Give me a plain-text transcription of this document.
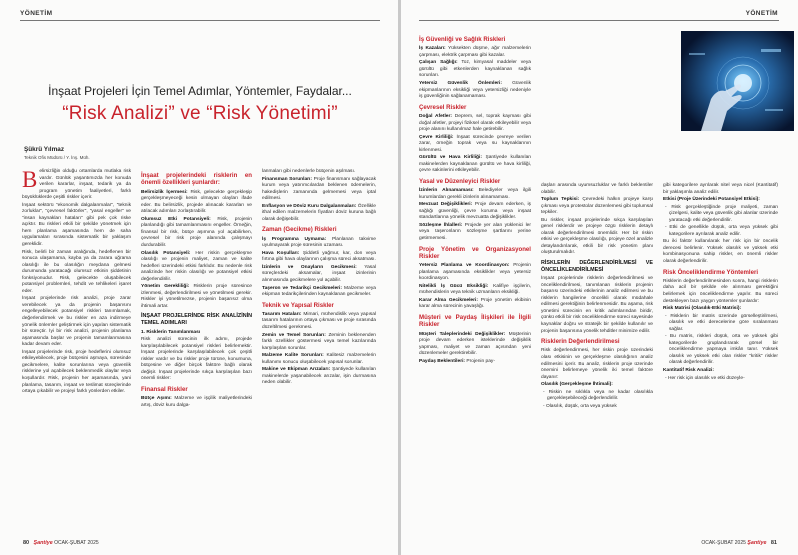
YÖNETİM
İnşaat Projeleri İçin Temel Adımlar, Yöntemler, Faydalar...
“Risk Analizi” ve “Risk Yönetimi”
Şükrü Yılmaz
Teknik Ofis Müdürü / Y. İnş. Müh.

Belirsizliğin olduğu ortamlarda mutlaka risk vardır. Günlük yaşantımızda her konuda verilen kararlar, inşaat, tedarik ya da program yönetim faaliyetleri, farklı büyüklüklerde çeşitli riskler içerir.

İnşaat sektörü “ekonomik dalgalanmalar”, “teknik zorluklar”, “çevresel faktörler”, “yasal engeller” ve “insan kaynakları hataları” gibi pek çok riske açıktır. Bu riskleri etkili bir şekilde yönetmek için hem planlama aşamasında hem de saha uygulamaları sırasında sistematik bir yaklaşım gereklidir.

Risk, belirli bir zaman aralığında, hedeflenen bir sonuca ulaşamama, kayba ya da zarara uğrama olasılığı ile bu olasılığın meydana gelmesi durumunda yaratacağı olumsuz etkinin şiddetinin fonksiyonudur. Risk, gelecekte oluşabilecek potansiyel problemleri, tehdit ve tehlikeleri işaret eder.

İnşaat projelerinde risk analizi, proje zarar verebilecek ya da projenin başarısını engelleyebilecek potansiyel riskleri tanımlamak, değerlendirmek ve bu riskler en aza indirmeye yönelik önlemler geliştirmek için yapılan sistematik bir süreçtir. İyi bir risk analizi, projenin planlama aşamasında başlar ve projenin tamamlanmasına kadar devam eder.

İnşaat projelerinde risk, proje hedeflerini olumsuz etkileyebilecek, proje bütçesini aşmaya, süresinde gecikmelere, kalite sorunlarına veya güvenlik risklerine yol açabilecek beklenmedik olaylar veya koşullardır. Risk, projenin her aşamasında, yani planlama, tasarım, inşaat ve teslimat süreçlerinde ortaya çıkabilir ve projeyi farklı yönlerden etkiler.

İnşaat projelerindeki risklerin en önemli özellikleri şunlardır:

Belirsizlik İçermesi: Risk, gelecekte gerçekleşip gerçekleşmeyeceği kesin olmayan olayları ifade eder. Bu belirsizlik, projede alınacak kararları ve atılacak adımları zorlaştırabilir.

Olumsuz Etki Potansiyeli: Risk, projenin planlandığı gibi tamamlanmasını engeller. Örneğin, finansal bir risk, bütçe aşımına yol açabilirken, çevresel bir risk proje alanında çalışmayı durdurabilir.

Olasılık Potansiyeli: Her riskin gerçekleşme olasılığı ve projenin maliyet, zaman ve kalite hedefleri üzerindeki etkisi farklıdır. Bu nedenle risk analizinde her riskin olasılığı ve potansiyel etkisi değerlendirilir.

Yönetim Gerekliliği: Risklerin proje süresince izlenmesi, değerlendirilmesi ve yönetilmesi gerekir. Riskler iyi yönetilmezse, projenin başarısız olma ihtimali artar.

İNŞAAT PROJELERİNDE RİSK ANALİZİNİN TEMEL ADIMLARI

1. Risklerin Tanımlanması

Risk analizi sürecinin ilk adımı, projede karşılaşılabilecek potansiyel riskleri belirlemektir. İnşaat projelerinde karşılaşılabilecek çok çeşitli riskler vardır ve bu riskler proje türüne, konumuna, bütçesine ve diğer birçok faktöre bağlı olarak değişir. İnşaat projelerinde sıkça karşılaşılan bazı önemli riskler:

Finansal Riskler

Bütçe Aşımı: Malzeme ve işçilik maliyetlerindeki artış, döviz kuru dalga-

lanmaları gibi nedenlerle bütçenin aşılması.

Finansman Sorunları: Proje finansmanı sağlayacak kurum veya yatırımcılardan beklenen ödemelerin, hakedişlerin zamanında gelmemesi veya iptal edilmesi.

Enflasyon ve Döviz Kuru Dalgalanmaları: Özellikle ithal edilen malzemelerin fiyatları döviz kuruna bağlı olarak değişebilir.

Zaman (Gecikme) Riskleri

İş Programına Uymama: Planlanan takvime uyulmayarak proje süresinin uzaması.

Hava Koşulları: Şiddetli yağmur, kar, don veya fırtına gibi hava olaylarının çalışma süreci aksatması.

İzinlerin ve Onayların Gecikmesi: Yasal süreçlerdeki aksamalar, inşaat izinlerinin alınmasında gecikmelere yol açabilir.

Taşeron ve Tedarikçi Gecikmeleri: Malzeme veya ekipman tedarikçilerinden kaynaklanan gecikmeler.

Teknik ve Yapısal Riskler

Tasarım Hataları: Mimari, mühendislik veya yapısal tasarım hatalarının ortaya çıkması ve proje sırasında düzeltilmesi gerekmesi.

Zemin ve Temel Sorunları: Zeminin beklenenden farklı özellikler göstermesi veya temel kazılarında karşılaşılan sorunlar.

Malzeme Kalite Sorunları: Kalitesiz malzemelerin kullanımı sonucu oluşabilecek yapısal sorunlar.

Makine ve Ekipman Arızaları: Şantiyede kullanılan makinelerde yaşanabilecek arızalar, işin durmasına neden olabilir.

80 Şantiye OCAK-ŞUBAT 2025
YÖNETİM
İş Güvenliği ve Sağlık Riskleri

İş Kazaları: Yüksekten düşme, ağır malzemelerin çarpması, elektrik çarpması gibi kazalar.

Çalışan Sağlığı: Toz, kimyasal maddeler veya gürültü gibi etkenlerden kaynaklanan sağlık sorunları.

Yetersiz Güvenlik Önlemleri: Güvenlik ekipmanlarının eksikliği veya yetersizliği nedeniyle iş güvenliğinin sağlanamaması.

Çevresel Riskler

Doğal Afetler: Deprem, sel, toprak kayması gibi doğal afetler, projeyi fiziksel olarak etkileyebilir veya proje alanını kullanılmaz hale getirebilir.

Çevre Kirliliği: İnşaat sürecinde çevreye verilen zarar, örneğin toprak veya su kaynaklarının kirlenmesi.

Gürültü ve Hava Kirliliği: Şantiyede kullanılan makinelerden kaynaklanan gürültü ve hava kirliliği, çevre sakinlerini etkileyebilir.

Yasal ve Düzenleyici Riskler

İzinlerin Alınamaması: Belediyeler veya ilgili kurumlardan gerekli izinlerin alınamaması.

Mevzuat Değişiklikleri: Proje devam ederken, iş sağlığı güvenliği, çevre koruma veya inşaat standartlarına yönelik mevzuatta değişiklikler.

Sözleşme İhlalleri: Projede yer alan yüklenici ler veya taşeronların sözleşme şartlarını yerine getirmemesi.

Proje Yönetim ve Organizasyonel Riskler

Yetersiz Planlama ve Koordinasyon: Projenin planlama aşamasında eksiklikler veya yetersiz koordinasyon.

Nitelikli İş Gücü Eksikliği: Kalifiye işçilerin, mühendislerin veya teknik uzmanların eksikliği.

Karar Alma Gecikmeleri: Proje yönetim ekibinin karar alma sürecinin yavaşlığı.

Müşteri ve Paydaş İlişkileri ile İlgili Riskler

Müşteri Taleplerindeki Değişiklikler: Müşterinin proje devam ederken isteklerinde değişiklik yapması, maliyet ve zaman açısından yeni düzenlemeler gerektirebilir.

Paydaş Beklentileri: Projenin pay-

daşları arasında uyumsuzluklar ve farklı beklentiler olabilir.

Toplum Tepkisi: Çevredeki halkın projeye karşı çıkması veya protestolar düzenlemesi gibi toplumsal tepkiler.

Bu riskler, inşaat projelerinde sıkça karşılaşılan genel risklerdir ve projeye özgü risklerin detaylı olarak değerlendirilmesi önemlidir. Her bir riskin etkisi ve gerçekleşme olasılığı, projeye özel analizle detaylandırılarak, etkili bir risk yönetim planı oluşturulmalıdır.

RİSKLERİN DEĞERLENDİRİLMESİ VE ÖNCELİKLENDİRİLMESİ

İnşaat projelerinde risklerin değerlendirilmesi ve önceliklendirilmesi, tanımlanan risklerin projenin başarısı üzerindeki etkilerinin analiz edilmesi ve bu risklerin hangilerine öncelikli olarak müdahale edilmesi gerektiğinin belirlenmesidir. Bu aşama, risk yönetimi sürecinin en kritik adımlarından biridir, çünkü etkili bir risk önceliklendirme süreci sayesinde kaynaklar doğru ve stratejik bir şekilde kullanılır ve projenin başarısına yönelik tehditler minimize edilir.

Risklerin Değerlendirilmesi

Risk değerlendirmesi, her riskin proje üzerindeki olası etkisinin ve gerçekleşme olasılığının analiz edilmesini içerir. Bu analiz, risklerin proje üzerinde önemini belirlemeye yönelik iki temel faktöre dayanır:

Olasılık (Gerçekleşme İhtimali):

- Riskin ne sıklıkla veya ne kadar olasılıkla gerçekleşebileceği değerlendirilir.

- Olasılık, düşük, orta veya yüksek

gibi kategorilere ayrılarak nitel veya nicel (Kantitatif) bir yaklaşımla analiz edilir.

Etkisi (Proje Üzerindeki Potansiyel Etkisi):

- Risk gerçekleştiğinde proje maliyeti, zaman çizelgesi, kalite veya güvenlik gibi alanlar üzerinde yaratacağı etki değerlendirilir.

- Etki de genellikle düşük, orta veya yüksek gibi kategorilere ayrılarak analiz edilir.

Bu iki faktör kullanılarak her risk için bir öncelik derecesi belirlenir. Yüksek olasılık ve yüksek etki kombinasyonuna sahip riskler, en önemli riskler olarak değerlendirilir.

Risk Önceliklendirme Yöntemleri

Risklerin değerlendirilmesinden sonra, hangi risklerin daha acil bir şekilde ele alınması gerektiğini belirlemek için önceliklendirme yapılır. Bu süreci destekleyen bazı yaygın yöntemler şunlardır:

Risk Matrisi (Olasılık-Etki Matrisi):

- Risklerin bir matris üzerinde görselleştirilmesi, olasılık ve etki derecelerine göre sıralanması sağlar.

- Bu matris, riskleri düşük, orta ve yüksek gibi kategorilerde gruplandırarak görsel bir önceliklendirme yapmaya imkân tanır. Yüksek olasılık ve yüksek etki olan riskler “kritik” riskler olarak değerlendirilir.

Kantitatif Risk Analizi:

- Her risk için olasılık ve etki düzeyle-

OCAK-ŞUBAT 2025 Şantiye 81
